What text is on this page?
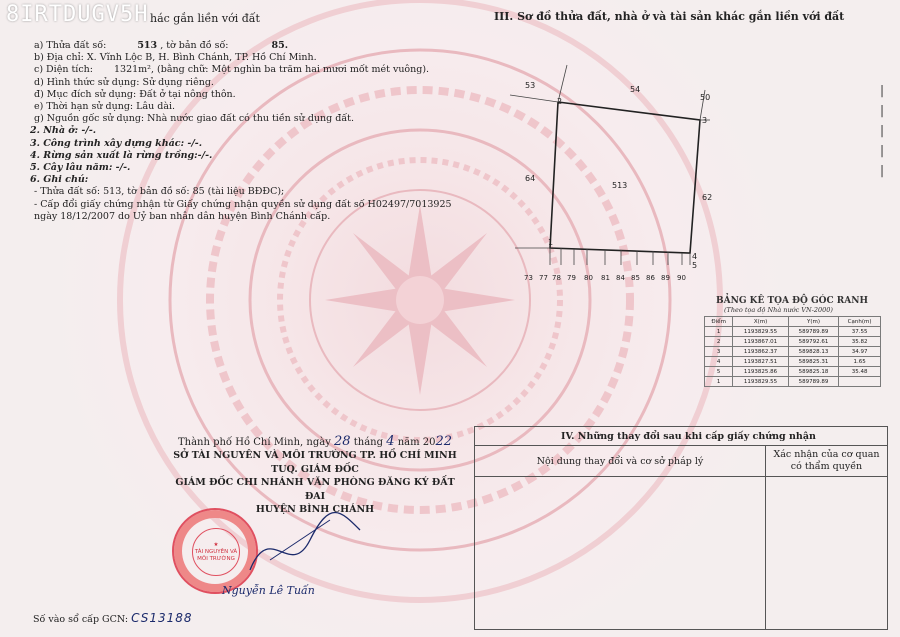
8IRTDUGV5H hác gắn liền với đất	III. Sơ đồ thửa đất, nhà ở và tài sản khác gắn liền với đất
a) Thửa đất số:	513 , tờ bản đồ số:	85.
b) Địa chỉ: X. Vĩnh Lộc B, H. Bình Chánh, TP. Hồ Chí Minh.
c) Diện tích: 1321m², (bằng chữ: Một nghìn ba trăm hai mươi mốt mét vuông).
d) Hình thức sử dụng: Sử dụng riêng.
đ) Mục đích sử dụng: Đất ở tại nông thôn.
e) Thời hạn sử dụng: Lâu dài.
g) Nguồn gốc sử dụng: Nhà nước giao đất có thu tiền sử dụng đất.
2. Nhà ở: -/-.
3. Công trình xây dựng khác: -/-.
4. Rừng sản xuất là rừng trồng:-/-.
5. Cây lâu năm: -/-.
6. Ghi chú:
- Thửa đất số: 513, tờ bản đồ số: 85 (tài liệu BĐĐC);
- Cấp đổi giấy chứng nhận từ Giấy chứng nhận quyền sử dụng đất số H02497/7013925
ngày 18/12/2007 do Uỷ ban nhân dân huyện Bình Chánh cấp.
513
53	54
50
64
62
1
2
3
4
5
73 77 78 79 80 81 84 85 86 89 90
BẢNG KÊ TỌA ĐỘ GÓC RANH
(Theo tọa độ Nhà nước VN-2000)
Điểm	X(m)	Y(m)	Cạnh(m)
1	1193829.55	589789.89	37.55
2	1193867.01	589792.61	35.82
3	1193862.37	589828.13	34.97
4	1193827.51	589825.31	1.65
5	1193825.86	589825.18	35.48
1	1193829.55	589789.89	
Thành phố Hồ Chí Minh, ngày 28 tháng 4 năm 2022
SỞ TÀI NGUYÊN VÀ MÔI TRƯỜNG TP. HỒ CHÍ MINH
TUQ. GIÁM ĐỐC
GIÁM ĐỐC CHI NHÁNH VĂN PHÒNG ĐĂNG KÝ ĐẤT ĐAI
HUYỆN BÌNH CHÁNH
★
TÀI NGUYÊN VÀ MÔI TRƯỜNG
Nguyễn Lê Tuấn
Số vào sổ cấp GCN: CS13188
IV. Những thay đổi sau khi cấp giấy chứng nhận	
Nội dung thay đổi và cơ sở pháp lý	Xác nhận của cơ quan có thẩm quyền

|
|
|
|
|
